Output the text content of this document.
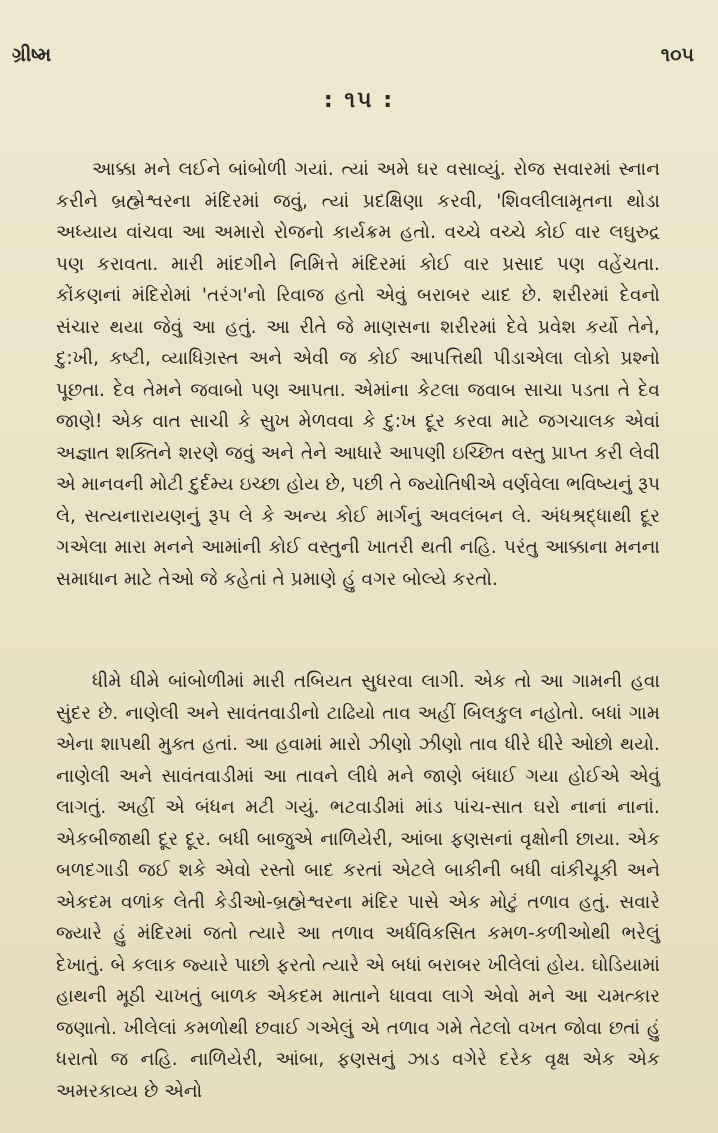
ગ્રીષ્મ	૧૦૫
: ૧૫ :

આક્કા મને લઈને બાંબોળી ગયાં. ત્યાં અમે ઘર વસાવ્યું. રોજ સવારમાં સ્નાન કરીને બ્રહ્મેશ્વરના મંદિરમાં જવું, ત્યાં પ્રદક્ષિણા કરવી, 'શિવલીલામૃતના થોડા અધ્યાય વાંચવા આ અમારો રોજનો કાર્યક્રમ હતો. વચ્ચે વચ્ચે કોઈ વાર લઘુરુદ્ર પણ કરાવતા. મારી માંદગીને નિમિત્તે મંદિરમાં કોઈ વાર પ્રસાદ પણ વહેંચતા. કોંકણનાં મંદિરોમાં 'તરંગ'નો રિવાજ હતો એવું બરાબર યાદ છે. શરીરમાં દેવનો સંચાર થયા જેવું આ હતું. આ રીતે જે માણસના શરીરમાં દેવે પ્રવેશ કર્યો તેને, દુ:ખી, કષ્ટી, વ્યાધિગ્રસ્ત અને એવી જ કોઈ આપત્તિથી પીડાએલા લોકો પ્રશ્નો પૂછતા. દેવ તેમને જવાબો પણ આપતા. એમાંના કેટલા જવાબ સાચા પડતા તે દેવ જાણે! એક વાત સાચી કે સુખ મેળવવા કે દુ:ખ દૂર કરવા માટે જગચાલક એવાં અજ્ઞાત શક્તિને શરણે જવું અને તેને આધારે આપણી ઇચ્છિત વસ્તુ પ્રાપ્ત કરી લેવી એ માનવની મોટી દુર્દમ્ય ઇચ્છા હોય છે, પછી તે જ્યોતિષીએ વર્ણવેલા ભવિષ્યનું રૂપ લે, સત્યનારાયણનું રૂપ લે કે અન્ય કોઈ માર્ગનું અવલંબન લે. અંધશ્રદ્ધાથી દૂર ગએલા મારા મનને આમાંની કોઈ વસ્તુની ખાતરી થતી નહિ. પરંતુ આક્કાના મનના સમાધાન માટે તેઓ જે કહેતાં તે પ્રમાણે હું વગર બોલ્યે કરતો.

ધીમે ધીમે બાંબોળીમાં મારી તબિયત સુધરવા લાગી. એક તો આ ગામની હવા સુંદર છે. નાણેલી અને સાવંતવાડીનો ટાઢિયો તાવ અહીં બિલકુલ નહોતો. બધાં ગામ એના શાપથી મુક્ત હતાં. આ હવામાં મારો ઝીણો ઝીણો તાવ ધીરે ધીરે ઓછો થયો. નાણેલી અને સાવંતવાડીમાં આ તાવને લીધે મને જાણે બંધાઈ ગયા હોઈએ એવું લાગતું. અહીં એ બંધન મટી ગયું. ભટવાડીમાં માંડ પાંચ-સાત ઘરો નાનાં નાનાં. એકબીજાથી દૂર દૂર. બધી બાજુએ નાળિયેરી, આંબા ફણસનાં વૃક્ષોની છાયા. એક બળદગાડી જઈ શકે એવો રસ્તો બાદ કરતાં એટલે બાકીની બધી વાંકીચૂકી અને એકદમ વળાંક લેતી કેડીઓ-બ્રહ્મેશ્વરના મંદિર પાસે એક મોટું તળાવ હતું. સવારે જ્યારે હું મંદિરમાં જતો ત્યારે આ તળાવ અર્ધવિકસિત કમળ-કળીઓથી ભરેલું દેખાતું. બે કલાક જ્યારે પાછો ફરતો ત્યારે એ બધાં બરાબર ખીલેલાં હોય. ઘોડિયામાં હાથની મૂઠી ચાખતું બાળક એકદમ માતાને ધાવવા લાગે એવો મને આ ચમત્કાર જણાતો. ખીલેલાં કમળોથી છવાઈ ગએલું એ તળાવ ગમે તેટલો વખત જોવા છતાં હું ધરાતો જ નહિ. નાળિયેરી, આંબા, ફણસનું ઝાડ વગેરે દરેક વૃક્ષ એક એક અમરકાવ્ય છે એનો
